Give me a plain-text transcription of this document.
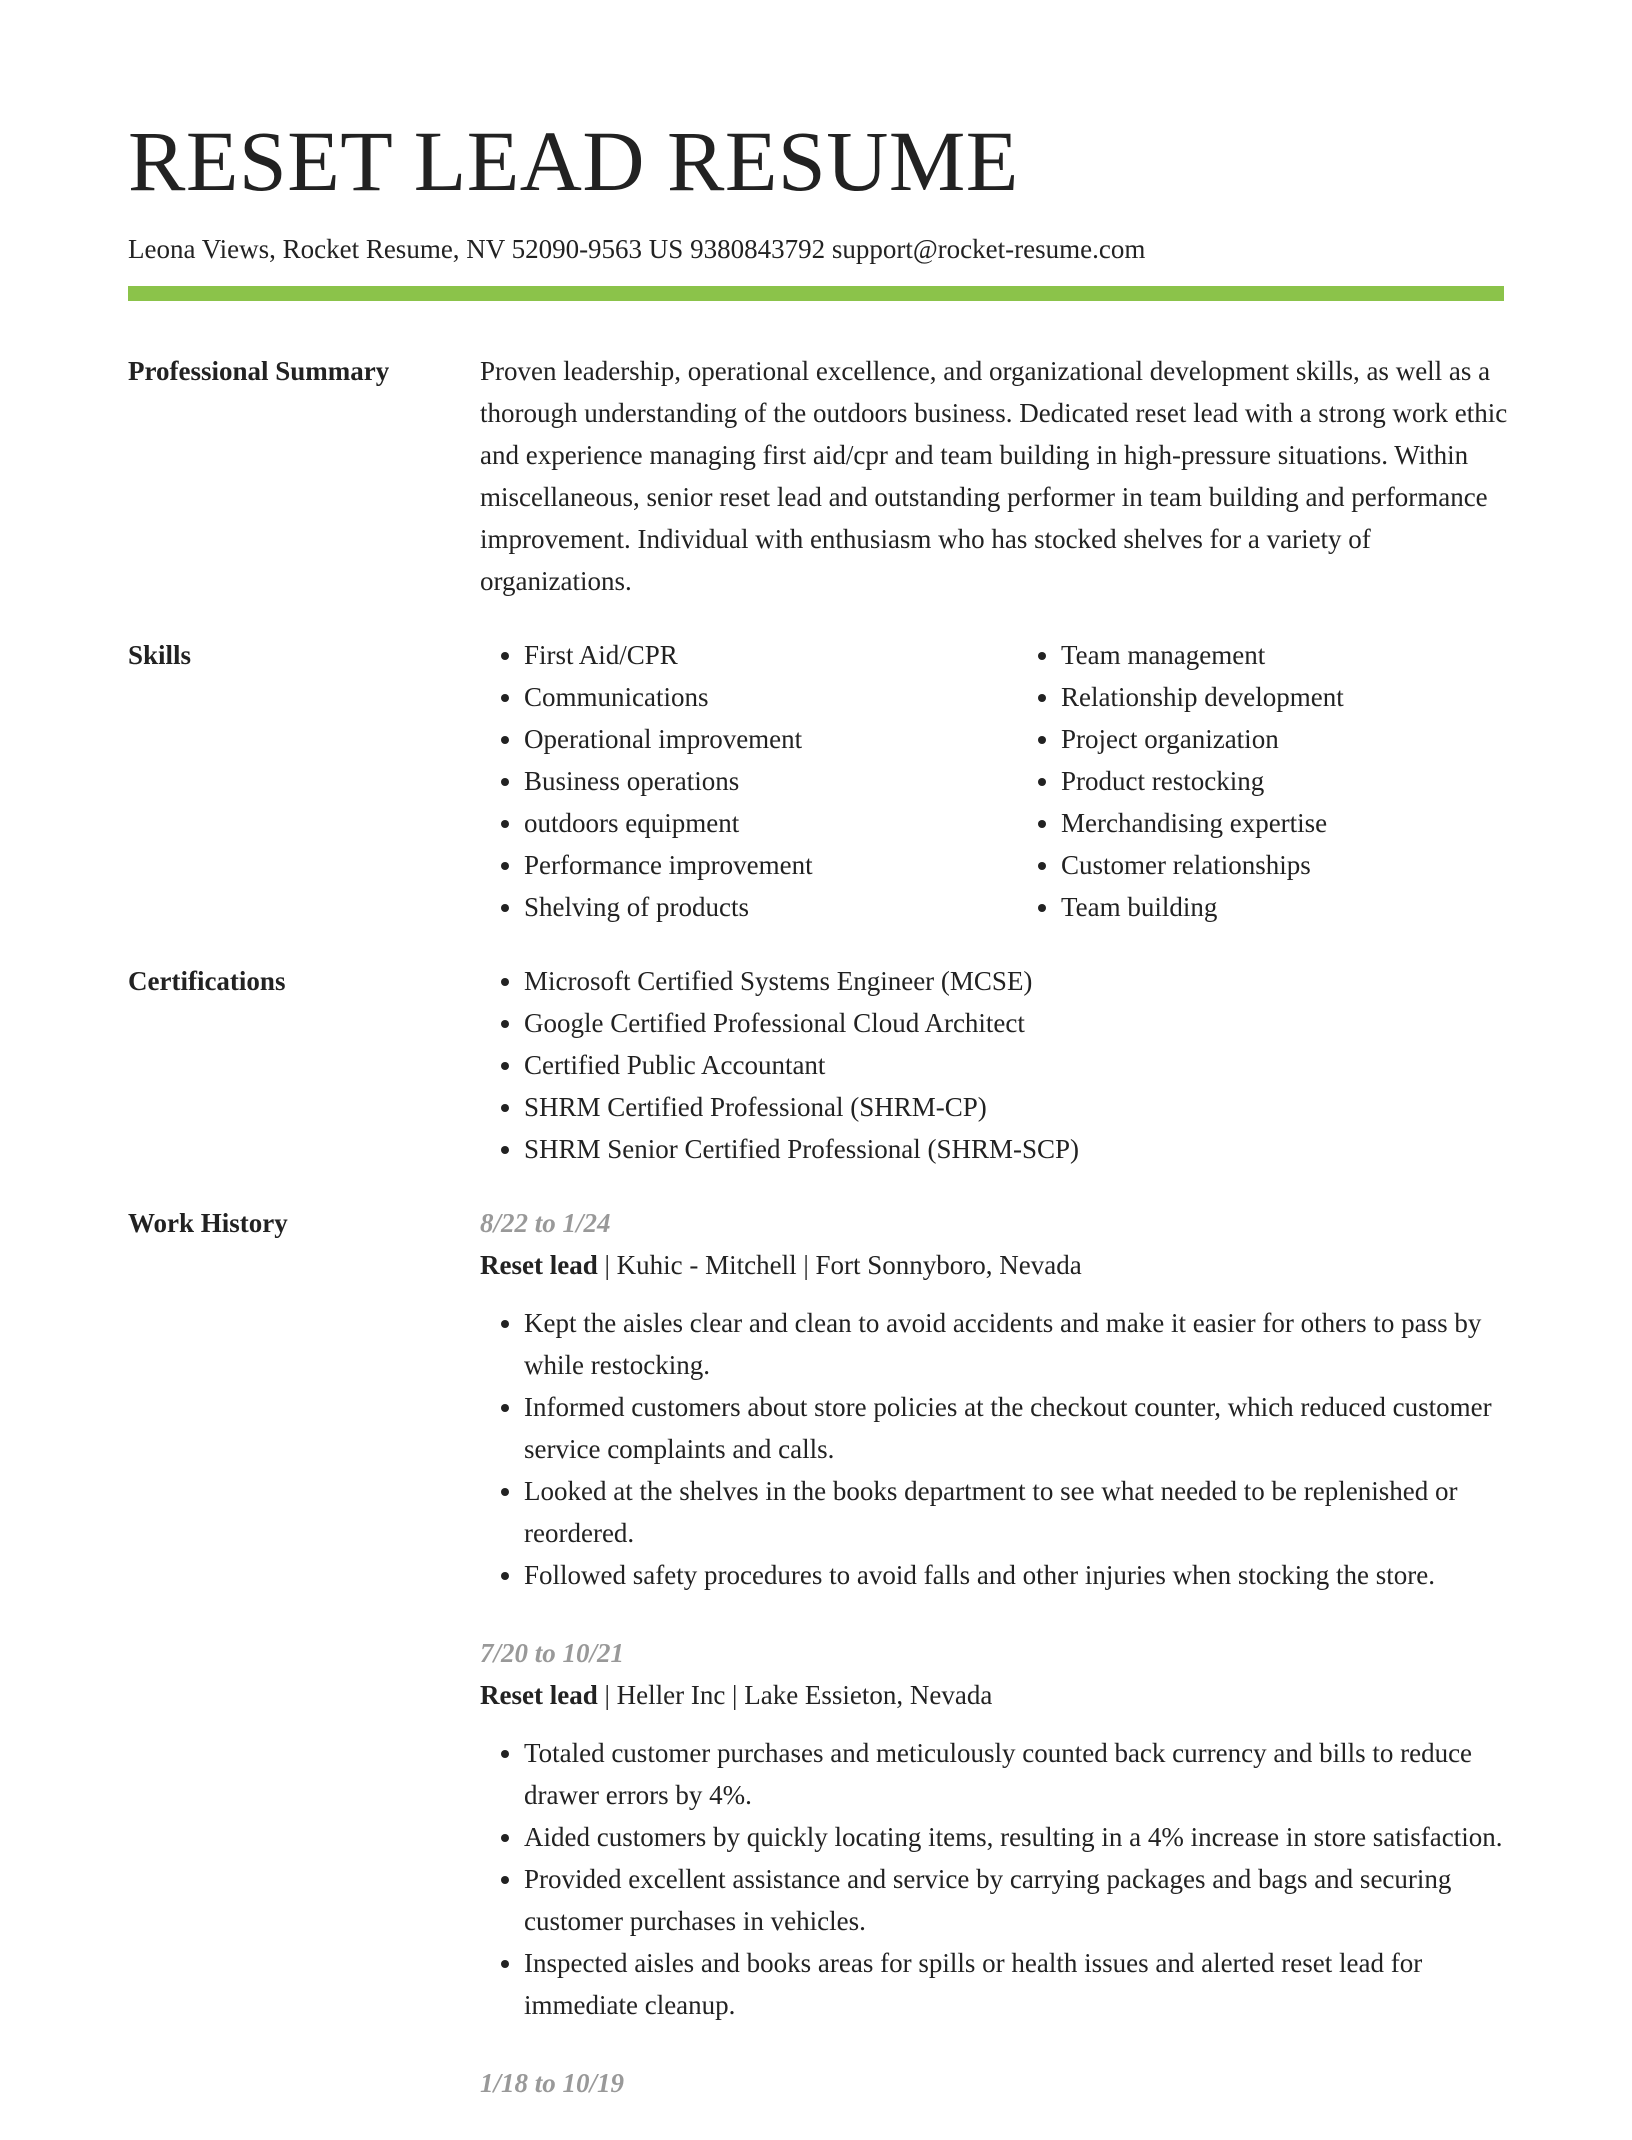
RESET LEAD RESUME
Leona Views, Rocket Resume, NV 52090-9563 US 9380843792 support@rocket-resume.com
Professional Summary	Proven leadership, operational excellence, and organizational development skills, as well as a thorough understanding of the outdoors business. Dedicated reset lead with a strong work ethic and experience managing first aid/cpr and team building in high-pressure situations. Within miscellaneous, senior reset lead and outstanding performer in team building and performance improvement. Individual with enthusiasm who has stocked shelves for a variety of organizations.

Skills	• First Aid/CPR
• Communications
• Operational improvement
• Business operations
• outdoors equipment
• Performance improvement
• Shelving of products
• Team management
• Relationship development
• Project organization
• Product restocking
• Merchandising expertise
• Customer relationships
• Team building
Certifications	• Microsoft Certified Systems Engineer (MCSE)
• Google Certified Professional Cloud Architect
• Certified Public Accountant
• SHRM Certified Professional (SHRM-CP)
• SHRM Senior Certified Professional (SHRM-SCP)
Work History	8/22 to 1/24
Reset lead | Kuhic - Mitchell | Fort Sonnyboro, Nevada
• Kept the aisles clear and clean to avoid accidents and make it easier for others to pass by while restocking.
• Informed customers about store policies at the checkout counter, which reduced customer service complaints and calls.
• Looked at the shelves in the books department to see what needed to be replenished or reordered.
• Followed safety procedures to avoid falls and other injuries when stocking the store.
7/20 to 10/21
Reset lead | Heller Inc | Lake Essieton, Nevada
• Totaled customer purchases and meticulously counted back currency and bills to reduce drawer errors by 4%.
• Aided customers by quickly locating items, resulting in a 4% increase in store satisfaction.
• Provided excellent assistance and service by carrying packages and bags and securing customer purchases in vehicles.
• Inspected aisles and books areas for spills or health issues and alerted reset lead for immediate cleanup.
1/18 to 10/19
